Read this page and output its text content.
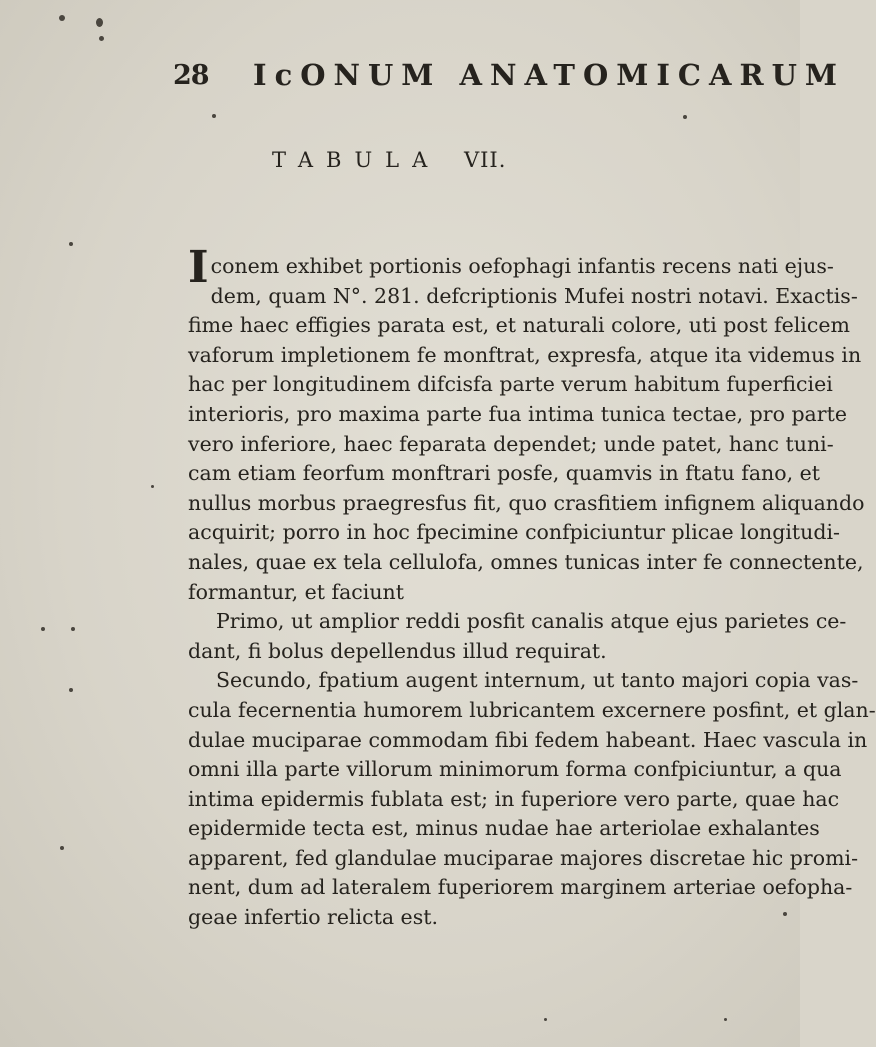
28 IcONUM ANATOMICARUM
TABULA VII.
Iconem exhibet portionis oefophagi infantis recens nati ejus-
dem, quam N°. 281. defcriptionis Mufei nostri notavi. Exactis-
fime haec effigies parata est, et naturali colore, uti post felicem
vaforum impletionem fe monftrat, expresfa, atque ita videmus in
hac per longitudinem difcisfa parte verum habitum fuperficiei
interioris, pro maxima parte fua intima tunica tectae, pro parte
vero inferiore, haec feparata dependet; unde patet, hanc tuni-
cam etiam feorfum monftrari posfe, quamvis in ftatu fano, et
nullus morbus praegresfus fit, quo crasfitiem infignem aliquando
acquirit; porro in hoc fpecimine confpiciuntur plicae longitudi-
nales, quae ex tela cellulofa, omnes tunicas inter fe connectente,
formantur, et faciunt
Primo, ut amplior reddi posfit canalis atque ejus parietes ce-
dant, fi bolus depellendus illud requirat.
Secundo, fpatium augent internum, ut tanto majori copia vas-
cula fecernentia humorem lubricantem excernere posfint, et glan-
dulae muciparae commodam fibi fedem habeant. Haec vascula in
omni illa parte villorum minimorum forma confpiciuntur, a qua
intima epidermis fublata est; in fuperiore vero parte, quae hac
epidermide tecta est, minus nudae hae arteriolae exhalantes
apparent, fed glandulae muciparae majores discretae hic promi-
nent, dum ad lateralem fuperiorem marginem arteriae oefopha-
geae infertio relicta est.
